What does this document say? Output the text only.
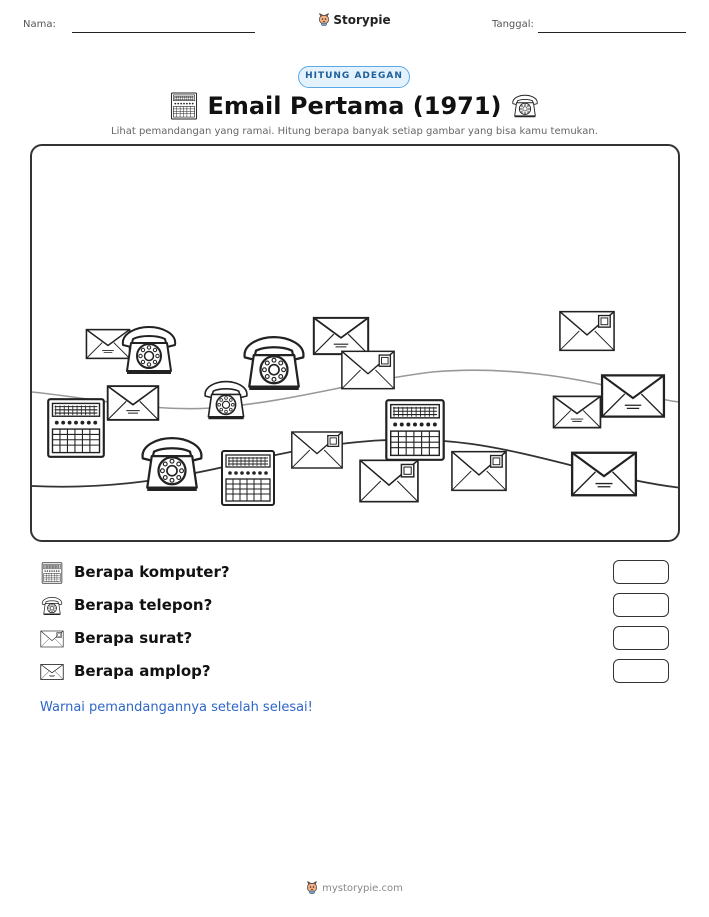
Nama:	Storypie	Tanggal:
HITUNG ADEGAN
Email Pertama (1971)
Lihat pemandangan yang ramai. Hitung berapa banyak setiap gambar yang bisa kamu temukan.
Berapa komputer?
Berapa telepon?
Berapa surat?
Berapa amplop?
Warnai pemandangannya setelah selesai!
mystorypie.com
